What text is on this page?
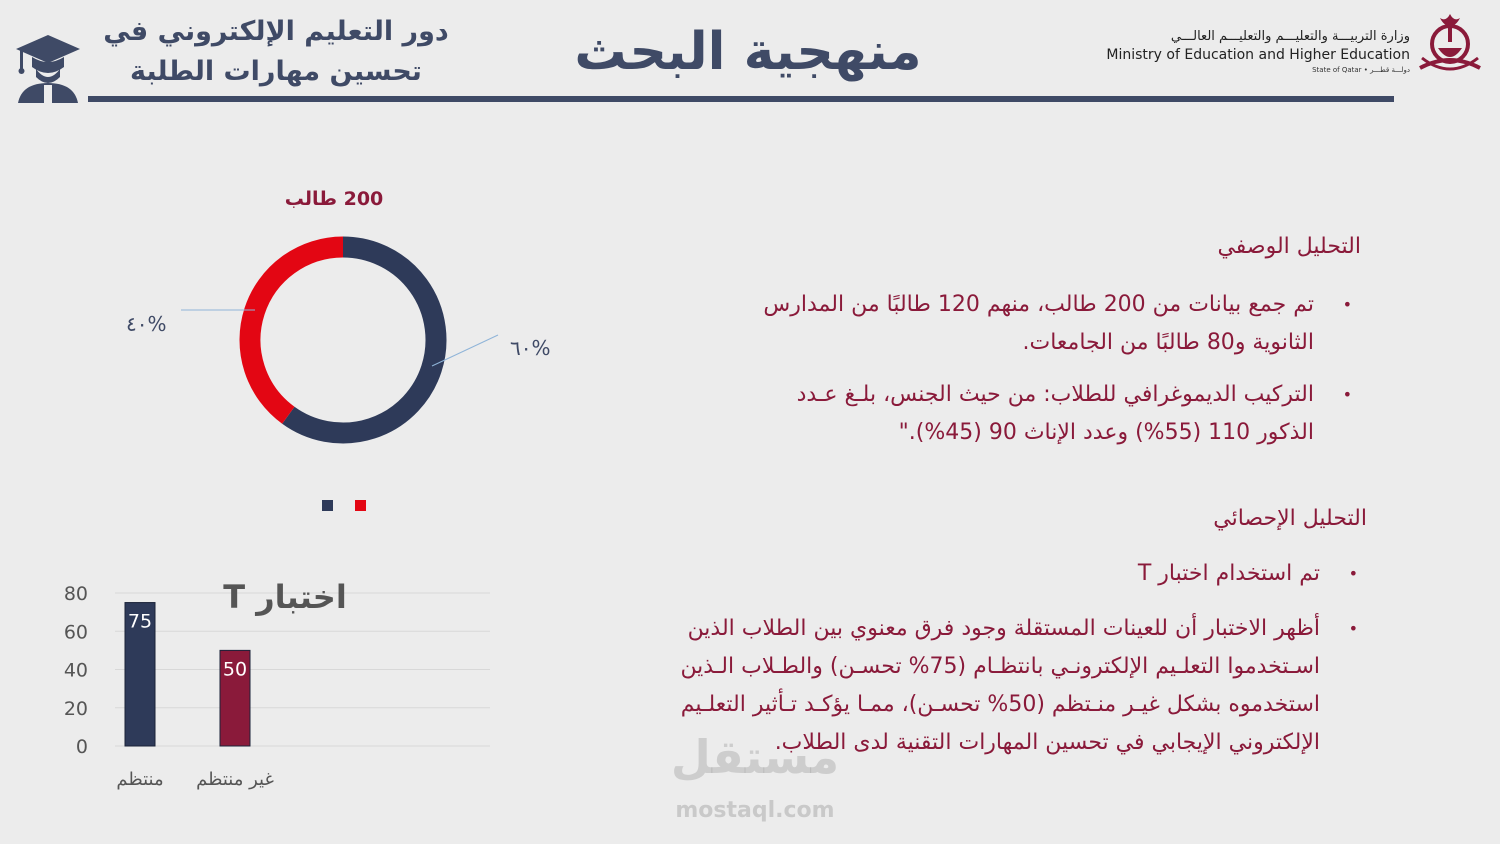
دور التعليم الإلكتروني في
تحسين مهارات الطلبة	منهجية البحث	وزارة التربيـــة والتعليـــم والتعليـــم العالـــي
Ministry of Education and Higher Education
State of Qatar • دولـــة قطـــر
200 طالب
%٦٠
%٤٠
0
20
40
60
80
75
50
منتظم غير منتظم
اختبار T
التحليل الوصفي
•
تم جمع بيانات من 200 طالب، منهم 120 طالبًا من المدارس
الثانوية و80 طالبًا من الجامعات.
•
التركيب الديموغرافي للطلاب: من حيث الجنس، بلـغ عـدد
الذكور 110 (55%) وعدد الإناث 90 (45%)."
التحليل الإحصائي
•
تم استخدام اختبار T
•
أظهر الاختبار أن للعينات المستقلة وجود فرق معنوي بين الطلاب الذين
اسـتخدموا التعلـيم الإلكترونـي بانتظـام (75% تحسـن) والطـلاب الـذين
استخدموه بشكل غيـر منـتظم (50% تحسـن)، ممـا يؤكـد تـأثير التعلـيم
الإلكتروني الإيجابي في تحسين المهارات التقنية لدى الطلاب.
مستقل
mostaql.com
